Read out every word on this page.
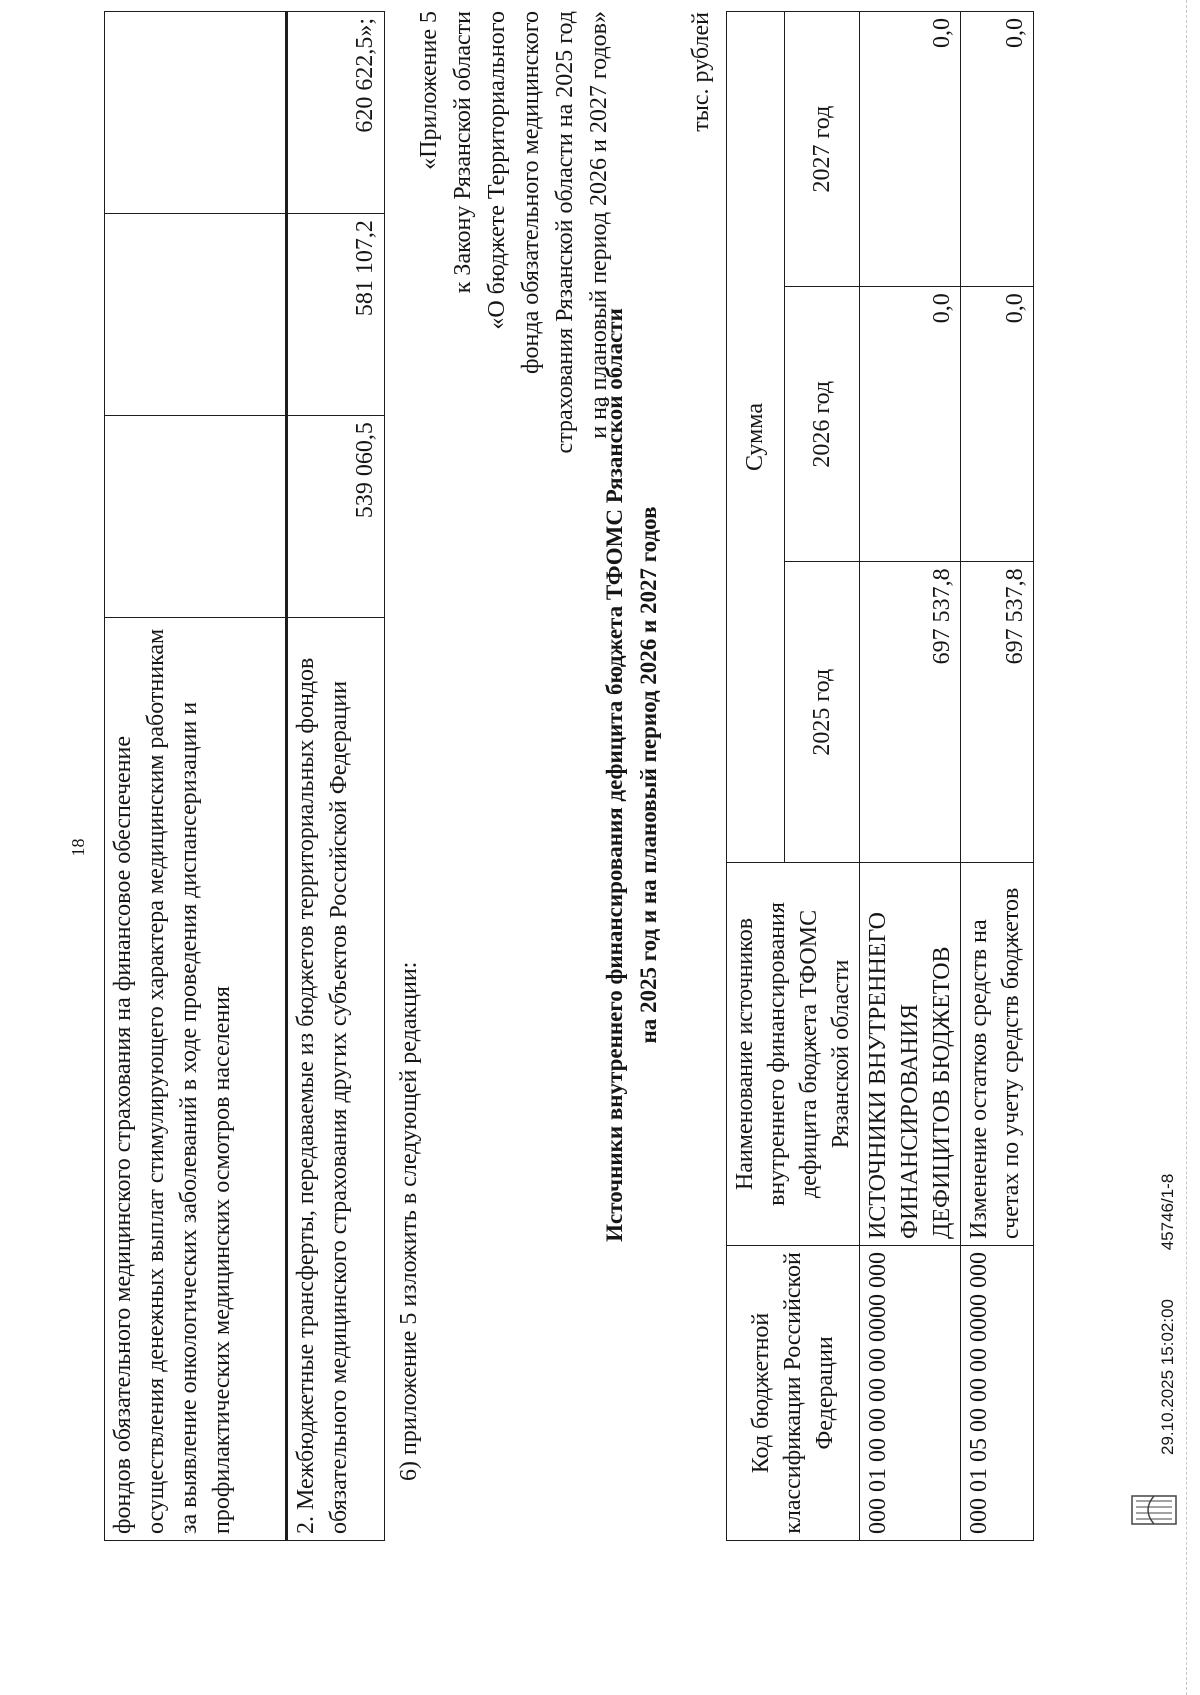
18 фондов обязательного медицинского страхования на финансовое обеспечение осуществления денежных выплат стимулирующего характера медицинским работникам за выявление онкологических заболеваний в ходе проведения диспансеризации и профилактических медицинских осмотров населения			
2. Межбюджетные трансферты, передаваемые из бюджетов территориальных фондов обязательного медицинского страхования других субъектов Российской Федерации	539 060,5	581 107,2	620 622,5»;
6) приложение 5 изложить в следующей редакции:
«Приложение 5 к Закону Рязанской области «О бюджете Территориального фонда обязательного медицинского страхования Рязанской области на 2025 год и на плановый период 2026 и 2027 годов»
Источники внутреннего финансирования дефицита бюджета ТФОМС Рязанской области на 2025 год и на плановый период 2026 и 2027 годов
тыс. рублей
Код бюджетной классификации Российской Федерации	Наименование источников внутреннего финансирования дефицита бюджета ТФОМС Рязанской области	Сумма		
		2025 год	2026 год	2027 год
000 01 00 00 00 00 0000 000	ИСТОЧНИКИ ВНУТРЕННЕГО ФИНАНСИРОВАНИЯ ДЕФИЦИТОВ БЮДЖЕТОВ	697 537,8	0,0	0,0
000 01 05 00 00 00 0000 000	Изменение остатков средств на счетах по учету средств бюджетов	697 537,8	0,0	0,0
29.10.2025 15:02:00 45746/1-8
